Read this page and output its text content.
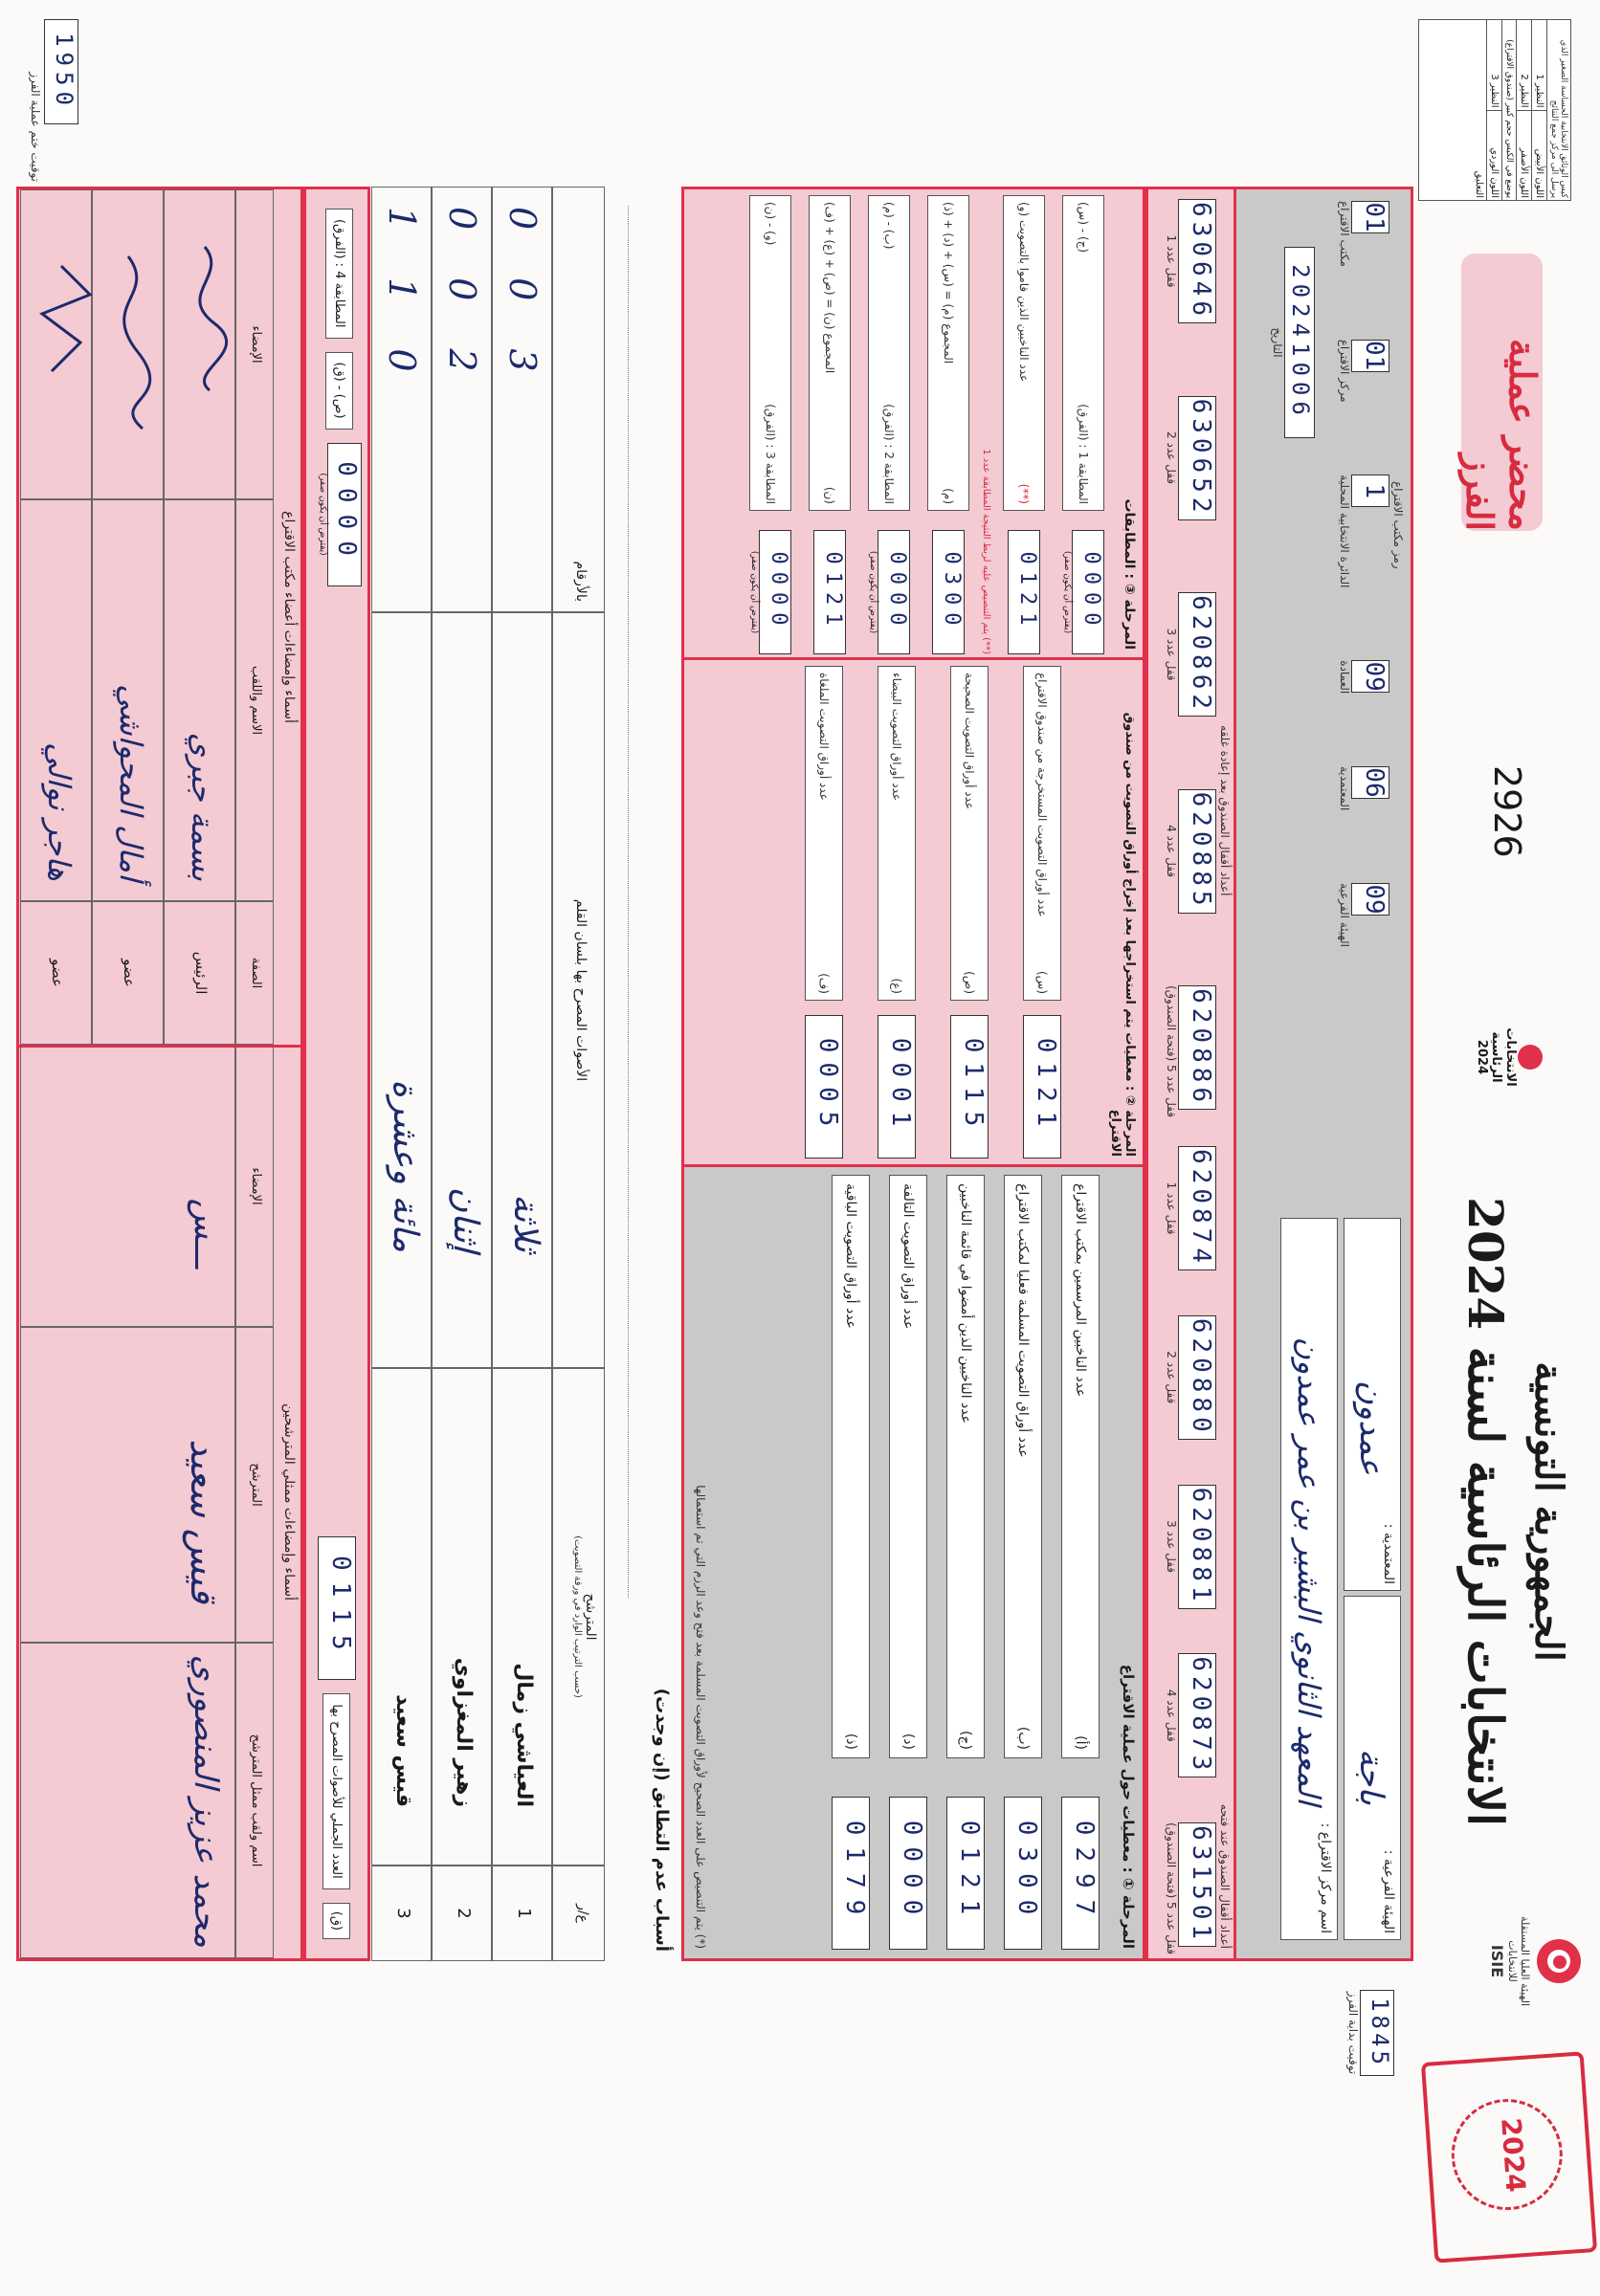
الهيئة العليا المستقلة للانتخابات
ISIE
2024
الجمهورية التونسية
الانتخابات الرئاسية لسنة 2024
الانتخابات الرئاسية 2024
2926
محضر عملية الفرز
كيس الوثائق الانتخابية الحساسة الصغير الذي يرسل الى مركز جمع النتائج
اللون الأبيض
النظير 1
اللون الأصفر
النظير 2
يوضع في الكيس حجم كبير (صندوق الاقتراع)
اللون الوردي
النظير 3
التعليق
رمز مكتب الاقتراع
09
الهيئة الفرعية
06
المعتمدية
09
العمادة
1
الدائرة الانتخابية المحلية
01
مركز الاقتراع
01
مكتب الاقتراع
20241006
التاريخ
الهيئة الفرعية :
باجة
المعتمدية :
عمدون
اسم مركز الاقتراع :
المعهد الثانوي البشير بن عمر عمدون
1845
توقيت بداية الفرز
أعداد أقفال الصندوق عند فتحه
620874
قفل عدد 1
620880
قفل عدد 2
620881
قفل عدد 3
620873
قفل عدد 4
631501
قفل عدد 5 (فتحة الصندوق)
أعداد أقفال الصندوق بعد إعادة غلقه
630646
قفل عدد 1
630652
قفل عدد 2
620862
قفل عدد 3
620885
قفل عدد 4
620886
قفل عدد 5 (فتحة الصندوق)
المرحلة ① : معطيات حول عملية الاقتراع
0297
(أ)
عدد الناخبين المرسمين بمكتب الاقتراع
0300
(ب)
عدد أوراق التصويت المسلمة فعليا لمكتب الاقتراع
0121
(ج)
عدد الناخبين الذين أمضوا في قائمة الناخبين
0000
(د)
عدد أوراق التصويت التالفة
0179
(ذ)
عدد أوراق التصويت الباقية
(*) يتم التنصيص على العدد الصحيح لأوراق التصويت المسلمة بعد فتح وعد الرزم التي تم استعمالها
المرحلة ② : معطيات يتم استخراجها بعد إخراج أوراق التصويت من صندوق الاقتراع
0121
(س)
عدد أوراق التصويت المستخرجة من صندوق الاقتراع
0115
(ص)
عدد أوراق التصويت الصحيحة
0001
(ع)
عدد أوراق التصويت البيضاء
0005
(ف)
عدد أوراق التصويت الملغاة
المرحلة ③ : المطابقات
0000
(يفترض أن يكون صفر)
المطابقة 1 : (الفرق)
(ج) - (س)
0121
(**)
عدد الناخبين الذين قاموا بالتصويت (و)
(**) يتم التنصيص عليه لربط النتيجة المطابقة عدد 1
0300
(م)
المجموع (م) = (س) + (د) + (ذ)
0000
(يفترض أن يكون صفر)
المطابقة 2 : (الفرق)
(ب) - (م)
0121
(ن)
المجموع (ن) = (ص) + (ع) + (ف)
0000
(يفترض أن يكون صفر)
المطابقة 3 : (الفرق)
(و) - (ن)
أسباب عدم التطابق (إن وجدت)
ع/ر
المترشح
(حسب الترتيب الوارد في ورقة التصويت)
الأصوات المصرح بها بلسان القلم
بالأرقام
1
العياشي زمال
ثلاثة
003
2
زهير المغزاوي
إثنان
002
3
قيس سعيد
مائة وعشرة
110
(ق)
العدد الجملي للأصوات المصرح بها
0115
0000
(يفترض أن يكون صفر)
(ص) - (ق)
المطابقة 4 : (الفرق)
أسماء وإمضاءات ممثلي المترشحين
اسم ولقب ممثل المترشح
المترشح
الإمضاء
محمد عزيز المنصوري
قيس سعيد
ـــس
أسماء وإمضاءات أعضاء مكتب الاقتراع
الصفة
الاسم واللقب
الإمضاء
الرئيس
بسمة جبري
عضو
أمال المحواشي
عضو
هاجر نوالي
1950
توقيت ختم عملية الفرز
